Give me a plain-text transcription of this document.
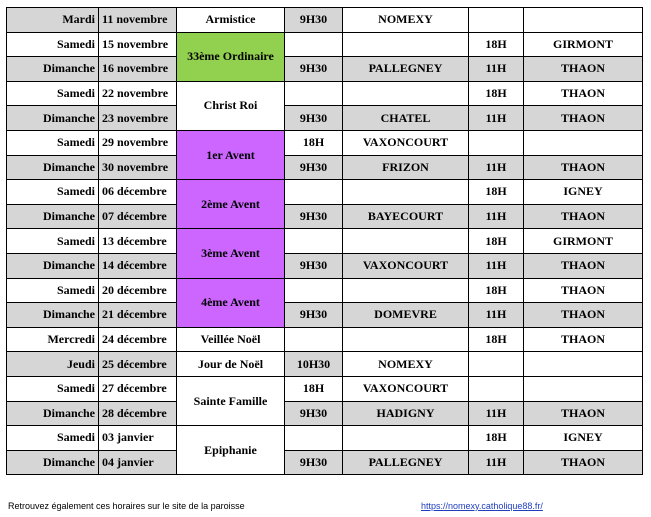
Mardi	11 novembre	Armistice	9H30	NOMEXY		
Samedi	15 novembre	33ème Ordinaire			18H	GIRMONT
Dimanche	16 novembre		9H30	PALLEGNEY	11H	THAON
Samedi	22 novembre	Christ Roi			18H	THAON
Dimanche	23 novembre		9H30	CHATEL	11H	THAON
Samedi	29 novembre	1er Avent	18H	VAXONCOURT		
Dimanche	30 novembre		9H30	FRIZON	11H	THAON
Samedi	06 décembre	2ème Avent			18H	IGNEY
Dimanche	07 décembre		9H30	BAYECOURT	11H	THAON
Samedi	13 décembre	3ème Avent			18H	GIRMONT
Dimanche	14 décembre		9H30	VAXONCOURT	11H	THAON
Samedi	20 décembre	4ème Avent			18H	THAON
Dimanche	21 décembre		9H30	DOMEVRE	11H	THAON
Mercredi	24 décembre	Veillée Noël			18H	THAON
Jeudi	25 décembre	Jour de Noël	10H30	NOMEXY		
Samedi	27 décembre	Sainte Famille	18H	VAXONCOURT		
Dimanche	28 décembre		9H30	HADIGNY	11H	THAON
Samedi	03 janvier	Epiphanie			18H	IGNEY
Dimanche	04 janvier		9H30	PALLEGNEY	11H	THAON
Retrouvez également ces horaires sur le site de la paroisse	https://nomexy.catholique88.fr/
